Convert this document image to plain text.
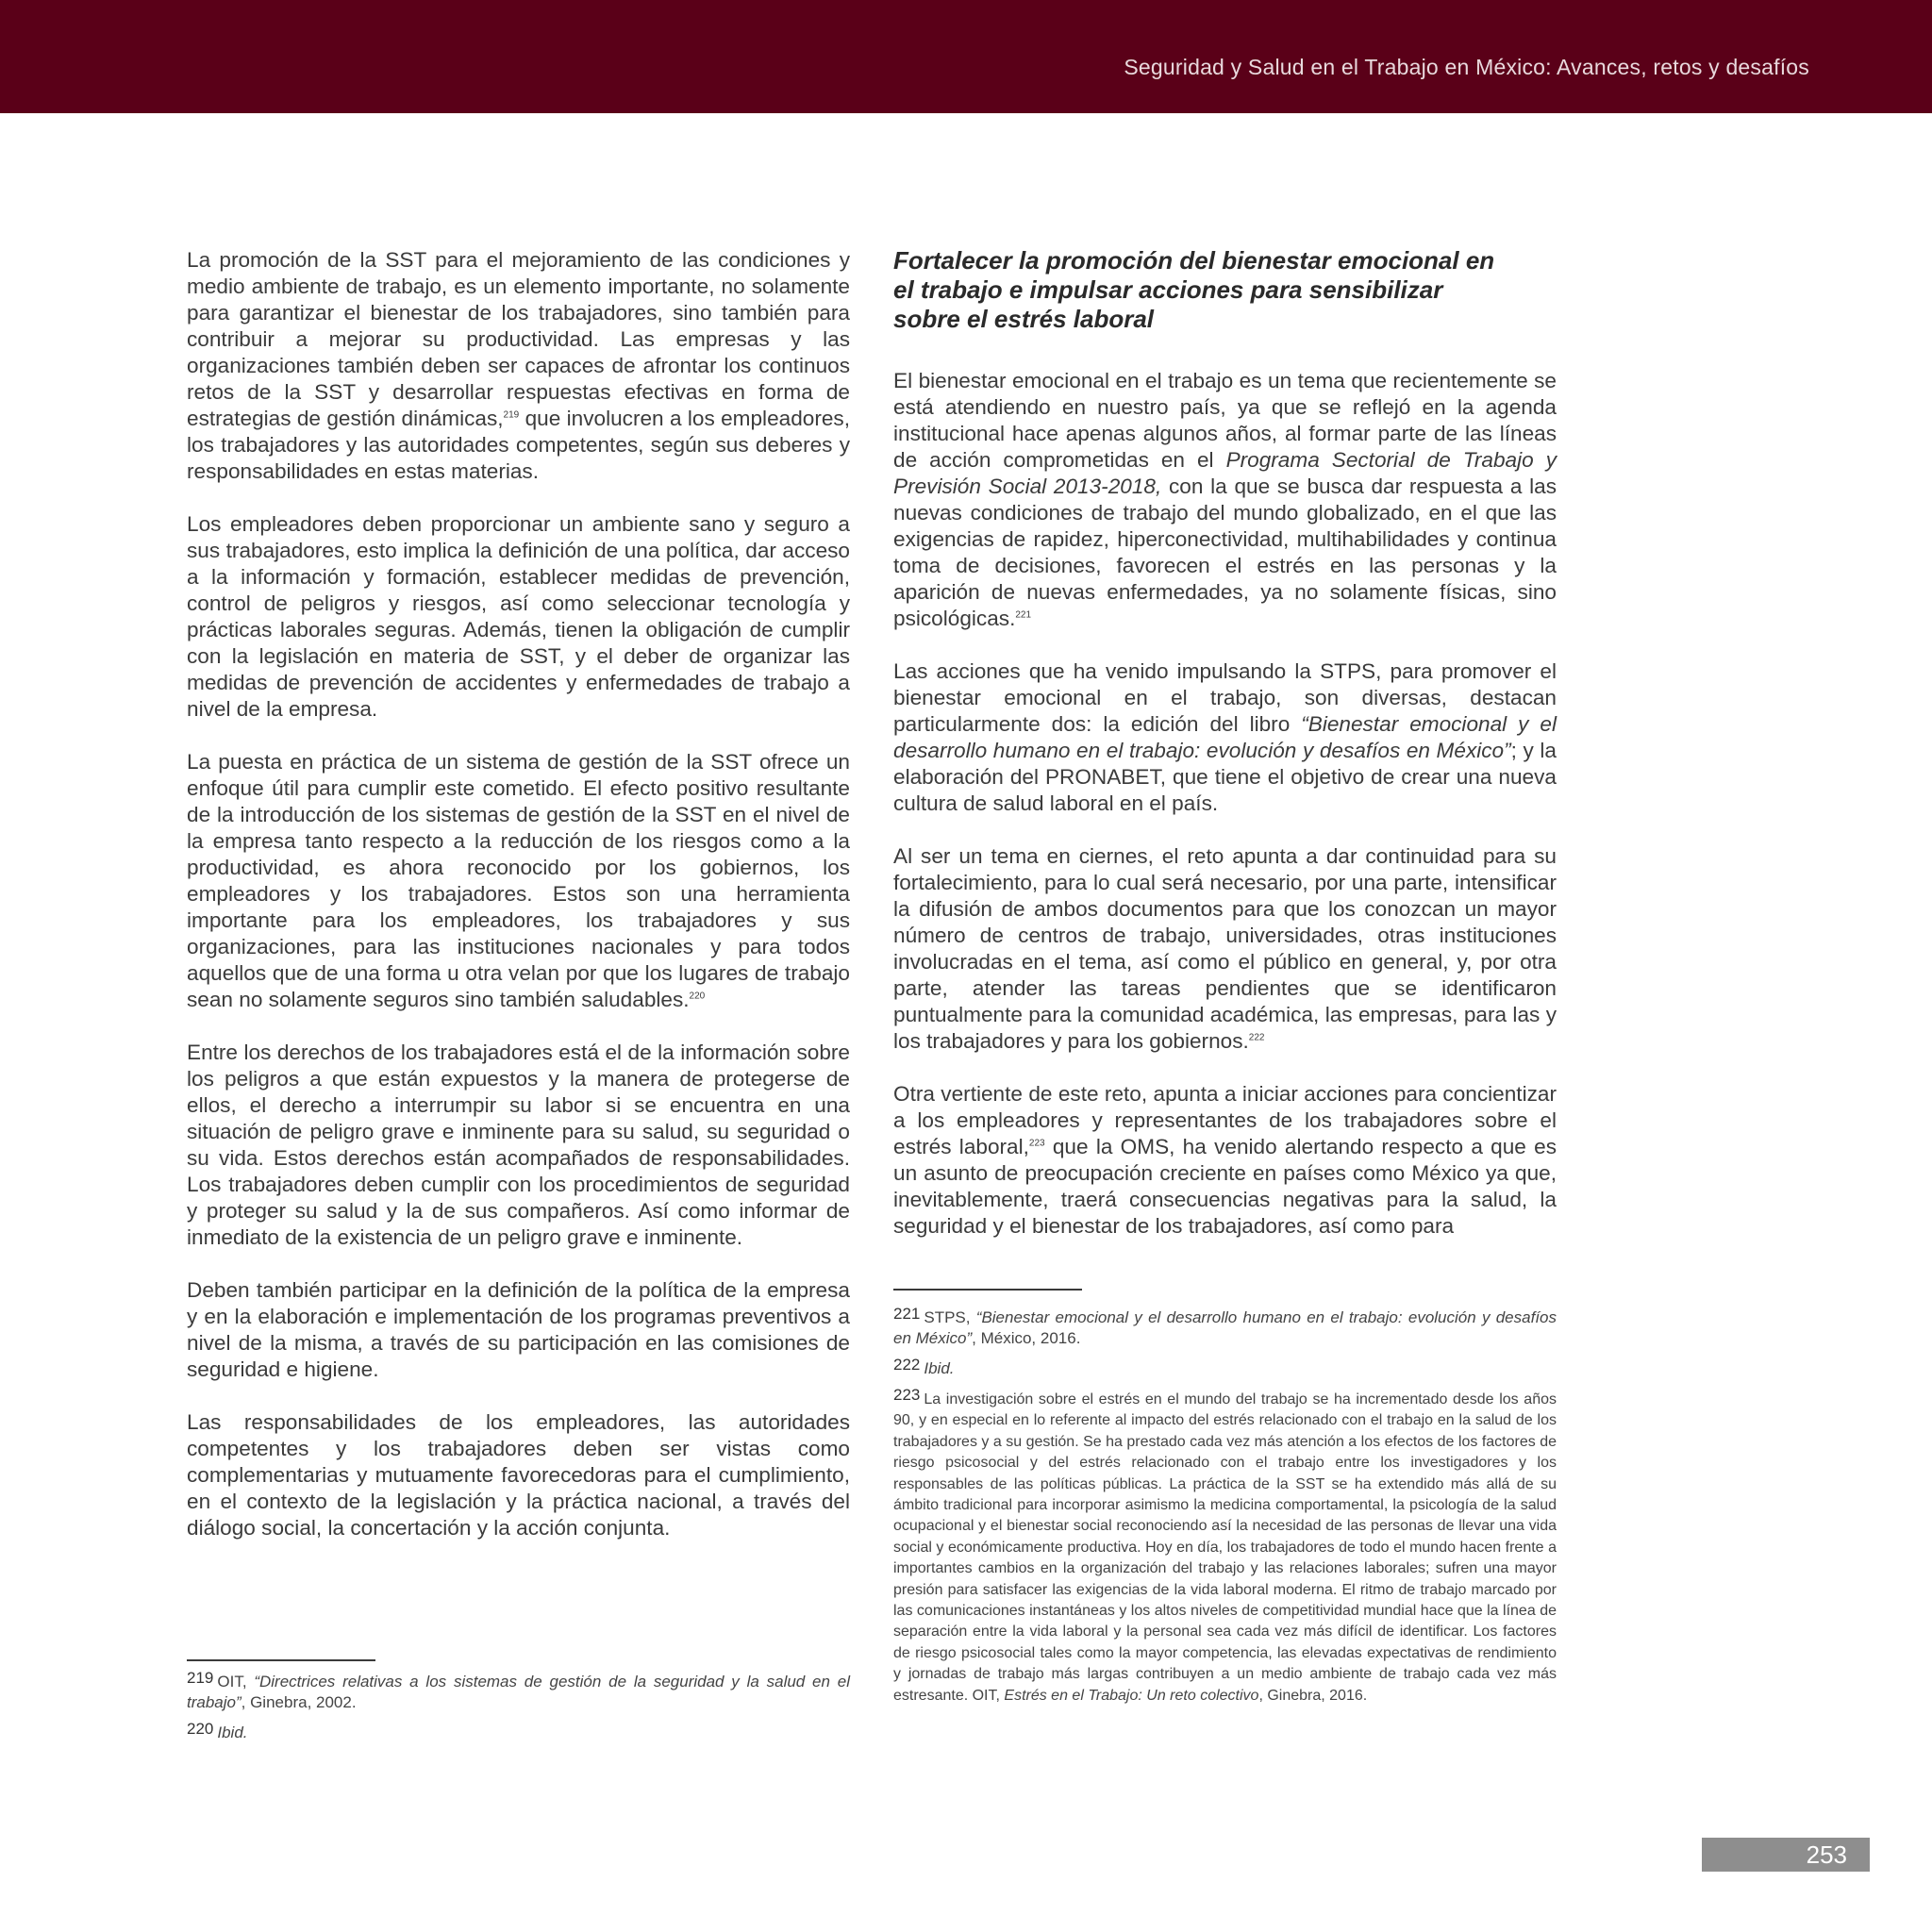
Seguridad y Salud en el Trabajo en México: Avances, retos y desafíos

La promoción de la SST para el mejoramiento de las condiciones y medio ambiente de trabajo, es un elemento importante, no solamente para garantizar el bienestar de los trabajadores, sino también para contribuir a mejorar su productividad. Las empresas y las organizaciones también deben ser capaces de afrontar los continuos retos de la SST y desarrollar respuestas efectivas en forma de estrategias de gestión dinámicas,$^{219}$ que involucren a los empleadores, los trabajadores y las autoridades competentes, según sus deberes y responsabilidades en estas materias.

Los empleadores deben proporcionar un ambiente sano y seguro a sus trabajadores, esto implica la definición de una política, dar acceso a la información y formación, establecer medidas de prevención, control de peligros y riesgos, así como seleccionar tecnología y prácticas laborales seguras. Además, tienen la obligación de cumplir con la legislación en materia de SST, y el deber de organizar las medidas de prevención de accidentes y enfermedades de trabajo a nivel de la empresa.

La puesta en práctica de un sistema de gestión de la SST ofrece un enfoque útil para cumplir este cometido. El efecto positivo resultante de la introducción de los sistemas de gestión de la SST en el nivel de la empresa tanto respecto a la reducción de los riesgos como a la productividad, es ahora reconocido por los gobiernos, los empleadores y los trabajadores. Estos son una herramienta importante para los empleadores, los trabajadores y sus organizaciones, para las instituciones nacionales y para todos aquellos que de una forma u otra velan por que los lugares de trabajo sean no solamente seguros sino también saludables.$^{220}$

Entre los derechos de los trabajadores está el de la información sobre los peligros a que están expuestos y la manera de protegerse de ellos, el derecho a interrumpir su labor si se encuentra en una situación de peligro grave e inminente para su salud, su seguridad o su vida. Estos derechos están acompañados de responsabilidades. Los trabajadores deben cumplir con los procedimientos de seguridad y proteger su salud y la de sus compañeros. Así como informar de inmediato de la existencia de un peligro grave e inminente.

Deben también participar en la definición de la política de la empresa y en la elaboración e implementación de los programas preventivos a nivel de la misma, a través de su participación en las comisiones de seguridad e higiene.

Las responsabilidades de los empleadores, las autoridades competentes y los trabajadores deben ser vistas como complementarias y mutuamente favorecedoras para el cumplimiento, en el contexto de la legislación y la práctica nacional, a través del diálogo social, la concertación y la acción conjunta.

219 OIT, “Directrices relativas a los sistemas de gestión de la seguridad y la salud en el trabajo”, Ginebra, 2002.
220 Ibid.
Fortalecer la promoción del bienestar emocional en el trabajo e impulsar acciones para sensibilizar sobre el estrés laboral

El bienestar emocional en el trabajo es un tema que recientemente se está atendiendo en nuestro país, ya que se reflejó en la agenda institucional hace apenas algunos años, al formar parte de las líneas de acción comprometidas en el Programa Sectorial de Trabajo y Previsión Social 2013-2018, con la que se busca dar respuesta a las nuevas condiciones de trabajo del mundo globalizado, en el que las exigencias de rapidez, hiperconectividad, multihabilidades y continua toma de decisiones, favorecen el estrés en las personas y la aparición de nuevas enfermedades, ya no solamente físicas, sino psicológicas.$^{221}$

Las acciones que ha venido impulsando la STPS, para promover el bienestar emocional en el trabajo, son diversas, destacan particularmente dos: la edición del libro “Bienestar emocional y el desarrollo humano en el trabajo: evolución y desafíos en México”; y la elaboración del PRONABET, que tiene el objetivo de crear una nueva cultura de salud laboral en el país.

Al ser un tema en ciernes, el reto apunta a dar continuidad para su fortalecimiento, para lo cual será necesario, por una parte, intensificar la difusión de ambos documentos para que los conozcan un mayor número de centros de trabajo, universidades, otras instituciones involucradas en el tema, así como el público en general, y, por otra parte, atender las tareas pendientes que se identificaron puntualmente para la comunidad académica, las empresas, para las y los trabajadores y para los gobiernos.$^{222}$

Otra vertiente de este reto, apunta a iniciar acciones para concientizar a los empleadores y representantes de los trabajadores sobre el estrés laboral,$^{223}$ que la OMS, ha venido alertando respecto a que es un asunto de preocupación creciente en países como México ya que, inevitablemente, traerá consecuencias negativas para la salud, la seguridad y el bienestar de los trabajadores, así como para

221 STPS, “Bienestar emocional y el desarrollo humano en el trabajo: evolución y desafíos en México”, México, 2016.
222 Ibid.
223 La investigación sobre el estrés en el mundo del trabajo se ha incrementado desde los años 90, y en especial en lo referente al impacto del estrés relacionado con el trabajo en la salud de los trabajadores y a su gestión. Se ha prestado cada vez más atención a los efectos de los factores de riesgo psicosocial y del estrés relacionado con el trabajo entre los investigadores y los responsables de las políticas públicas. La práctica de la SST se ha extendido más allá de su ámbito tradicional para incorporar asimismo la medicina comportamental, la psicología de la salud ocupacional y el bienestar social reconociendo así la necesidad de las personas de llevar una vida social y económicamente productiva. Hoy en día, los trabajadores de todo el mundo hacen frente a importantes cambios en la organización del trabajo y las relaciones laborales; sufren una mayor presión para satisfacer las exigencias de la vida laboral moderna. El ritmo de trabajo marcado por las comunicaciones instantáneas y los altos niveles de competitividad mundial hace que la línea de separación entre la vida laboral y la personal sea cada vez más difícil de identificar. Los factores de riesgo psicosocial tales como la mayor competencia, las elevadas expectativas de rendimiento y jornadas de trabajo más largas contribuyen a un medio ambiente de trabajo cada vez más estresante. OIT, Estrés en el Trabajo: Un reto colectivo, Ginebra, 2016.
253
